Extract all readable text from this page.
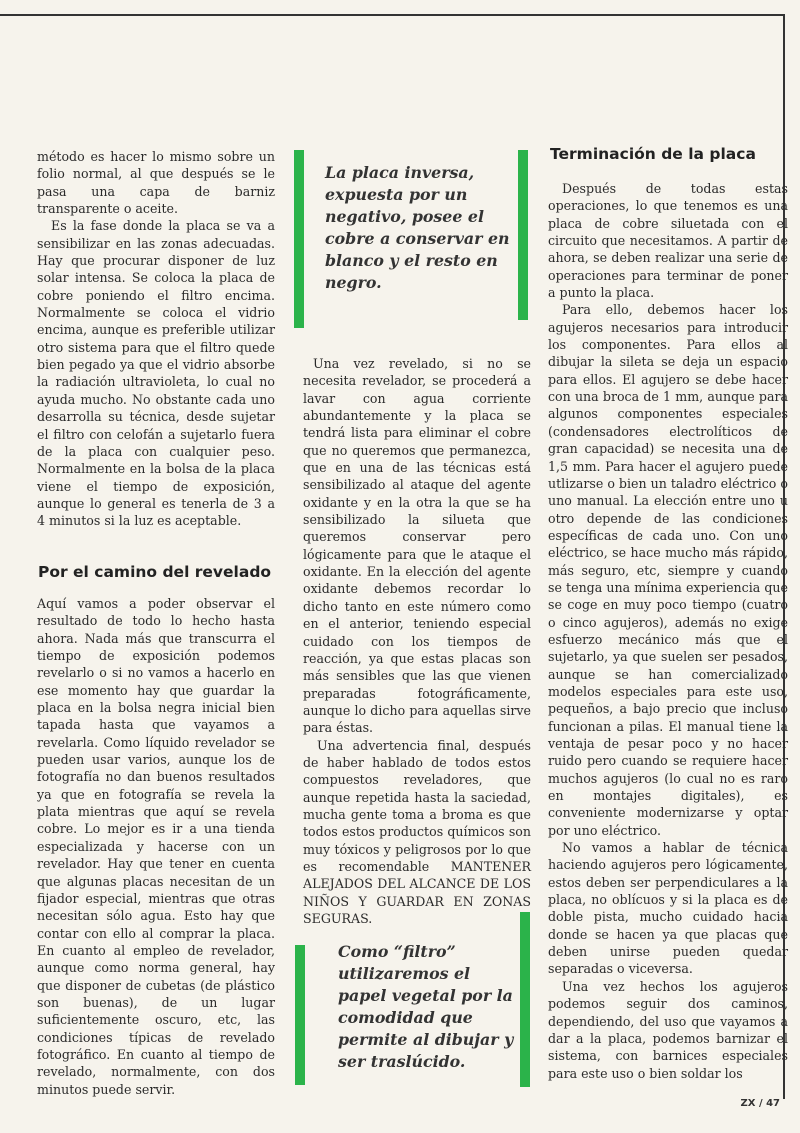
método es hacer lo mismo sobre un folio normal, al que después se le pasa una capa de barniz transparente o aceite.

Es la fase donde la placa se va a sensibilizar en las zonas adecuadas. Hay que procurar disponer de luz solar intensa. Se coloca la placa de cobre poniendo el filtro encima. Normalmente se coloca el vidrio encima, aunque es preferible utilizar otro sistema para que el filtro quede bien pegado ya que el vidrio absorbe la radiación ultravioleta, lo cual no ayuda mucho. No obstante cada uno desarrolla su técnica, desde sujetar el filtro con celofán a sujetarlo fuera de la placa con cualquier peso. Normalmente en la bolsa de la placa viene el tiempo de exposición, aunque lo general es tenerla de 3 a 4 minutos si la luz es aceptable.

Por el camino del revelado

Aquí vamos a poder observar el resultado de todo lo hecho hasta ahora. Nada más que transcurra el tiempo de exposición podemos revelarlo o si no vamos a hacerlo en ese momento hay que guardar la placa en la bolsa negra inicial bien tapada hasta que vayamos a revelarla. Como líquido revelador se pueden usar varios, aunque los de fotografía no dan buenos resultados ya que en fotografía se revela la plata mientras que aquí se revela cobre. Lo mejor es ir a una tienda especializada y hacerse con un revelador. Hay que tener en cuenta que algunas placas necesitan de un fijador especial, mientras que otras necesitan sólo agua. Esto hay que contar con ello al comprar la placa. En cuanto al empleo de revelador, aunque como norma general, hay que disponer de cubetas (de plástico son buenas), de un lugar suficientemente oscuro, etc, las condiciones típicas de revelado fotográfico. En cuanto al tiempo de revelado, normalmente, con dos minutos puede servir.

La placa inversa, expuesta por un negativo, posee el cobre a conservar en blanco y el resto en negro.

Una vez revelado, si no se necesita revelador, se procederá a lavar con agua corriente abundantemente y la placa se tendrá lista para eliminar el cobre que no queremos que permanezca, que en una de las técnicas está sensibilizado al ataque del agente oxidante y en la otra la que se ha sensibilizado la silueta que queremos conservar pero lógicamente para que le ataque el oxidante. En la elección del agente oxidante debemos recordar lo dicho tanto en este número como en el anterior, teniendo especial cuidado con los tiempos de reacción, ya que estas placas son más sensibles que las que vienen preparadas fotográficamente, aunque lo dicho para aquellas sirve para éstas.

Una advertencia final, después de haber hablado de todos estos compuestos reveladores, que aunque repetida hasta la saciedad, mucha gente toma a broma es que todos estos productos químicos son muy tóxicos y peligrosos por lo que es recomendable MANTENER ALEJADOS DEL ALCANCE DE LOS NIÑOS Y GUARDAR EN ZONAS SEGURAS.

Como “filtro” utilizaremos el papel vegetal por la comodidad que permite al dibujar y ser traslúcido.
Terminación de la placa

Después de todas estas operaciones, lo que tenemos es una placa de cobre siluetada con el circuito que necesitamos. A partir de ahora, se deben realizar una serie de operaciones para terminar de poner a punto la placa.

Para ello, debemos hacer los agujeros necesarios para introducir los componentes. Para ellos al dibujar la sileta se deja un espacio para ellos. El agujero se debe hacer con una broca de 1 mm, aunque para algunos componentes especiales (condensadores electrolíticos de gran capacidad) se necesita una de 1,5 mm. Para hacer el agujero puede utlizarse o bien un taladro eléctrico o uno manual. La elección entre uno u otro depende de las condiciones específicas de cada uno. Con uno eléctrico, se hace mucho más rápido, más seguro, etc, siempre y cuando se tenga una mínima experiencia que se coge en muy poco tiempo (cuatro o cinco agujeros), además no exige esfuerzo mecánico más que el sujetarlo, ya que suelen ser pesados, aunque se han comercializado modelos especiales para este uso, pequeños, a bajo precio que incluso funcionan a pilas. El manual tiene la ventaja de pesar poco y no hacer ruido pero cuando se requiere hacer muchos agujeros (lo cual no es raro en montajes digitales), es conveniente modernizarse y optar por uno eléctrico.

No vamos a hablar de técnica haciendo agujeros pero lógicamente, estos deben ser perpendiculares a la placa, no oblícuos y si la placa es de doble pista, mucho cuidado hacia donde se hacen ya que placas que deben unirse pueden quedar separadas o viceversa.

Una vez hechos los agujeros podemos seguir dos caminos, dependiendo, del uso que vayamos a dar a la placa, podemos barnizar el sistema, con barnices especiales para este uso o bien soldar los

ZX / 47
